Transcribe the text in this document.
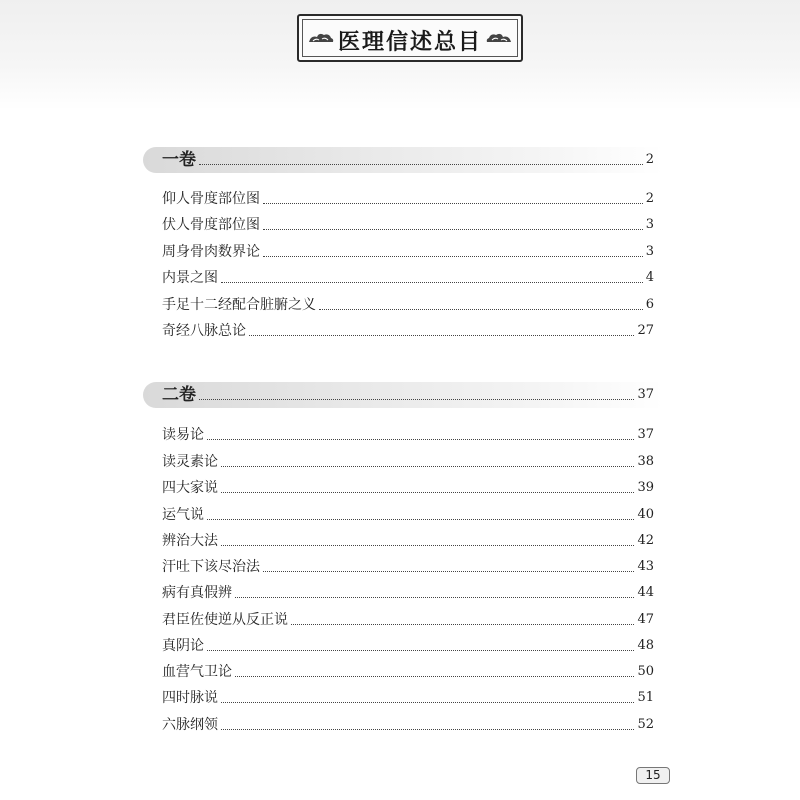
医理信述总目
一卷	2
仰人骨度部位图	2
伏人骨度部位图	3
周身骨肉数界论	3
内景之图	4
手足十二经配合脏腑之义	6
奇经八脉总论	27
二卷	37
读易论	37
读灵素论	38
四大家说	39
运气说	40
辨治大法	42
汗吐下该尽治法	43
病有真假辨	44
君臣佐使逆从反正说	47
真阴论	48
血营气卫论	50
四时脉说	51
六脉纲领	52
15
